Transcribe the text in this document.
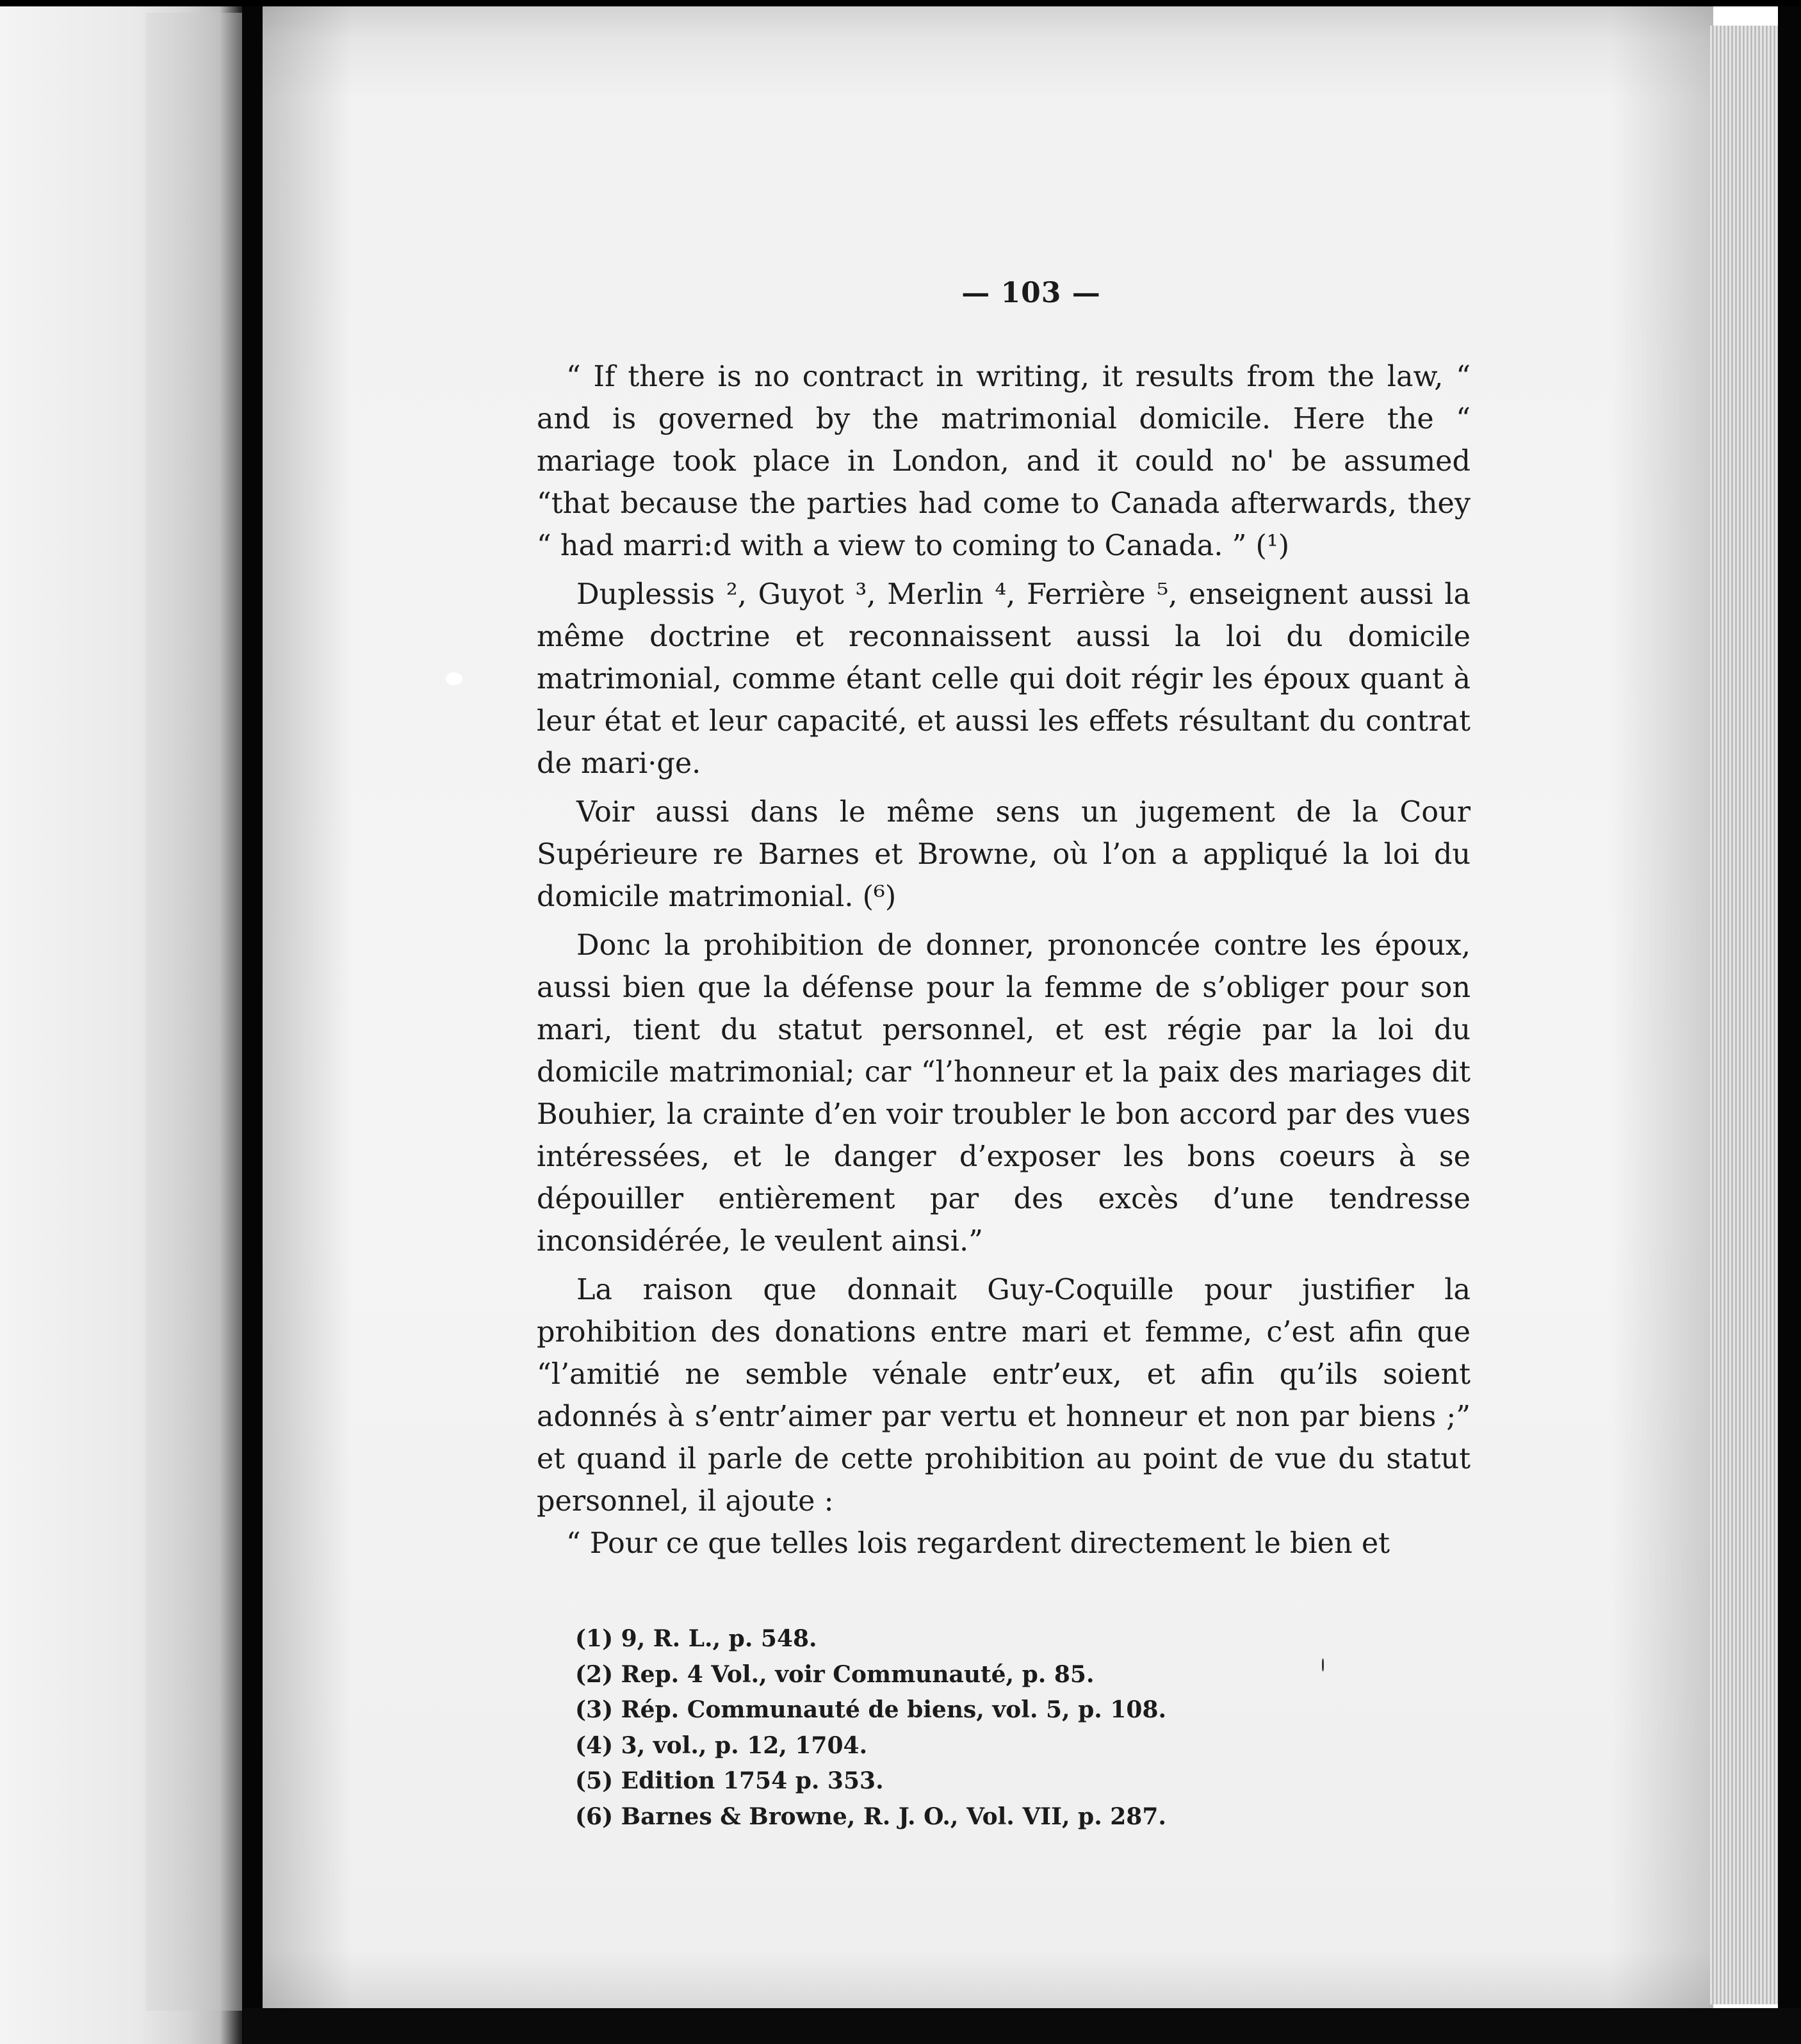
— 103 —

“ If there is no contract in writing, it results from the law, “ and is governed by the matrimonial domicile. Here the “ mariage took place in London, and it could no' be assumed “that because the parties had come to Canada afterwards, they “ had marri:d with a view to coming to Canada. ” (¹)

Duplessis ², Guyot ³, Merlin ⁴, Ferrière ⁵, enseignent aussi la même doctrine et reconnaissent aussi la loi du domicile matrimonial, comme étant celle qui doit régir les époux quant à leur état et leur capacité, et aussi les effets résultant du contrat de mari·ge.

Voir aussi dans le même sens un jugement de la Cour Supérieure re Barnes et Browne, où l’on a appliqué la loi du domicile matrimonial. (⁶)

Donc la prohibition de donner, prononcée contre les époux, aussi bien que la défense pour la femme de s’obliger pour son mari, tient du statut personnel, et est régie par la loi du domicile matrimonial; car “l’honneur et la paix des mariages dit Bouhier, la crainte d’en voir troubler le bon accord par des vues intéressées, et le danger d’exposer les bons coeurs à se dépouiller entièrement par des excès d’une tendresse inconsidérée, le veulent ainsi.”

La raison que donnait Guy-Coquille pour justifier la prohibition des donations entre mari et femme, c’est afin que “l’amitié ne semble vénale entr’eux, et afin qu’ils soient adonnés à s’entr’aimer par vertu et honneur et non par biens ;” et quand il parle de cette prohibition au point de vue du statut personnel, il ajoute :

“ Pour ce que telles lois regardent directement le bien et

(1) 9, R. L., p. 548.
(2) Rep. 4 Vol., voir Communauté, p. 85.
(3) Rép. Communauté de biens, vol. 5, p. 108.
(4) 3, vol., p. 12, 1704.
(5) Edition 1754 p. 353.
(6) Barnes & Browne, R. J. O., Vol. VII, p. 287.
